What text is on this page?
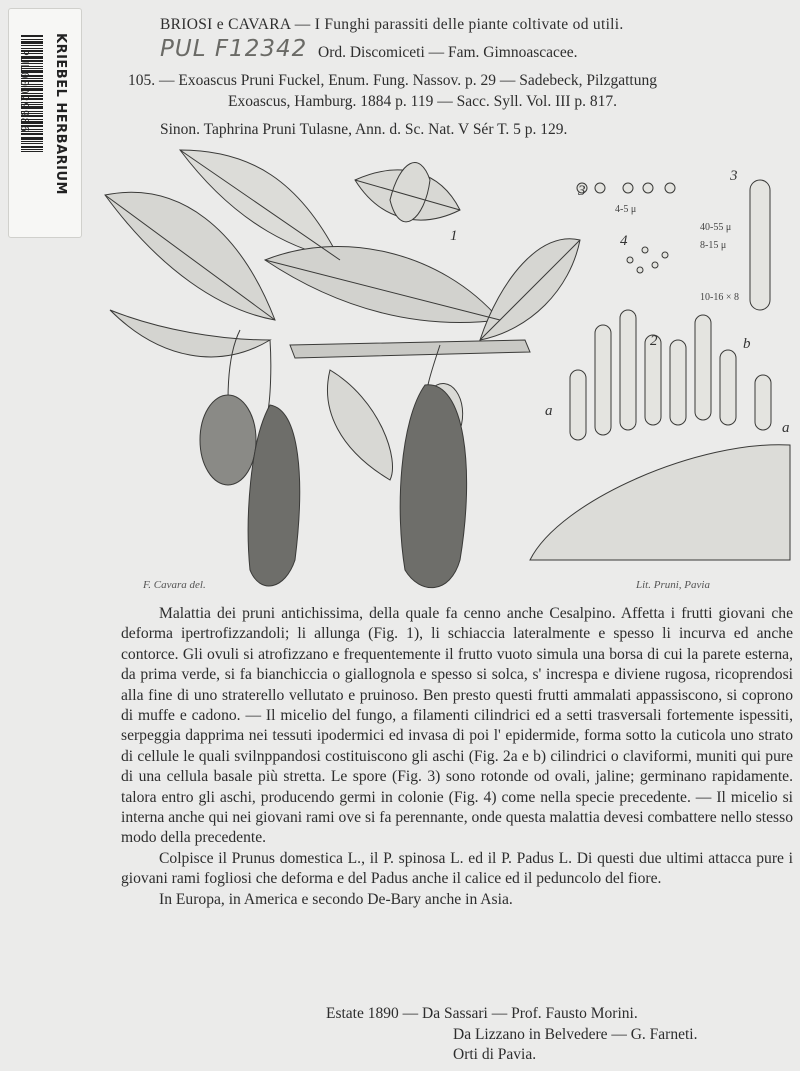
KRIEBEL HERBARIUM
BRIOSI e CAVARA — I Funghi parassiti delle piante coltivate od utili.
PUL F12342 Ord. Discomiceti — Fam. Gimnoascacee.
105. — Exoascus Pruni Fuckel, Enum. Fung. Nassov. p. 29 — Sadebeck, Pilzgattung
Exoascus, Hamburg. 1884 p. 119 — Sacc. Syll. Vol. III p. 817.
Sinon. Taphrina Pruni Tulasne, Ann. d. Sc. Nat. V Sér T. 5 p. 129.
1
2
3
3
4
a
a
b
4-5 μ
40-55 μ
8-15 μ
10-16 × 8
F. Cavara del.	Lit. Pruni, Pavia

Malattia dei pruni antichissima, della quale fa cenno anche Cesalpino. Affetta i frutti giovani che deforma ipertrofizzandoli; li allunga (Fig. 1), li schiaccia lateralmente e spesso li incurva ed anche contorce. Gli ovuli si atrofizzano e frequentemente il frutto vuoto simula una borsa di cui la parete esterna, da prima verde, si fa bianchiccia o giallognola e spesso si solca, s' increspa e diviene rugosa, ricoprendosi alla fine di uno straterello vellutato e pruinoso. Ben presto questi frutti ammalati appassiscono, si coprono di muffe e cadono. — Il micelio del fungo, a filamenti cilindrici ed a setti trasversali fortemente ispessiti, serpeggia dapprima nei tessuti ipodermici ed invasa di poi l' epidermide, forma sotto la cuticola uno strato di cellule le quali svilnppandosi costituiscono gli aschi (Fig. 2a e b) cilindrici o claviformi, muniti qui pure di una cellula basale più stretta. Le spore (Fig. 3) sono rotonde od ovali, jaline; germinano rapidamente. talora entro gli aschi, producendo germi in colonie (Fig. 4) come nella specie precedente. — Il micelio si interna anche qui nei giovani rami ove si fa perennante, onde questa malattia devesi combattere nello stesso modo della precedente.

Colpisce il Prunus domestica L., il P. spinosa L. ed il P. Padus L. Di questi due ultimi attacca pure i giovani rami fogliosi che deforma e del Padus anche il calice ed il peduncolo del fiore.

In Europa, in America e secondo De-Bary anche in Asia.

Estate 1890 — Da Sassari — Prof. Fausto Morini.
Da Lizzano in Belvedere — G. Farneti.
Orti di Pavia.
